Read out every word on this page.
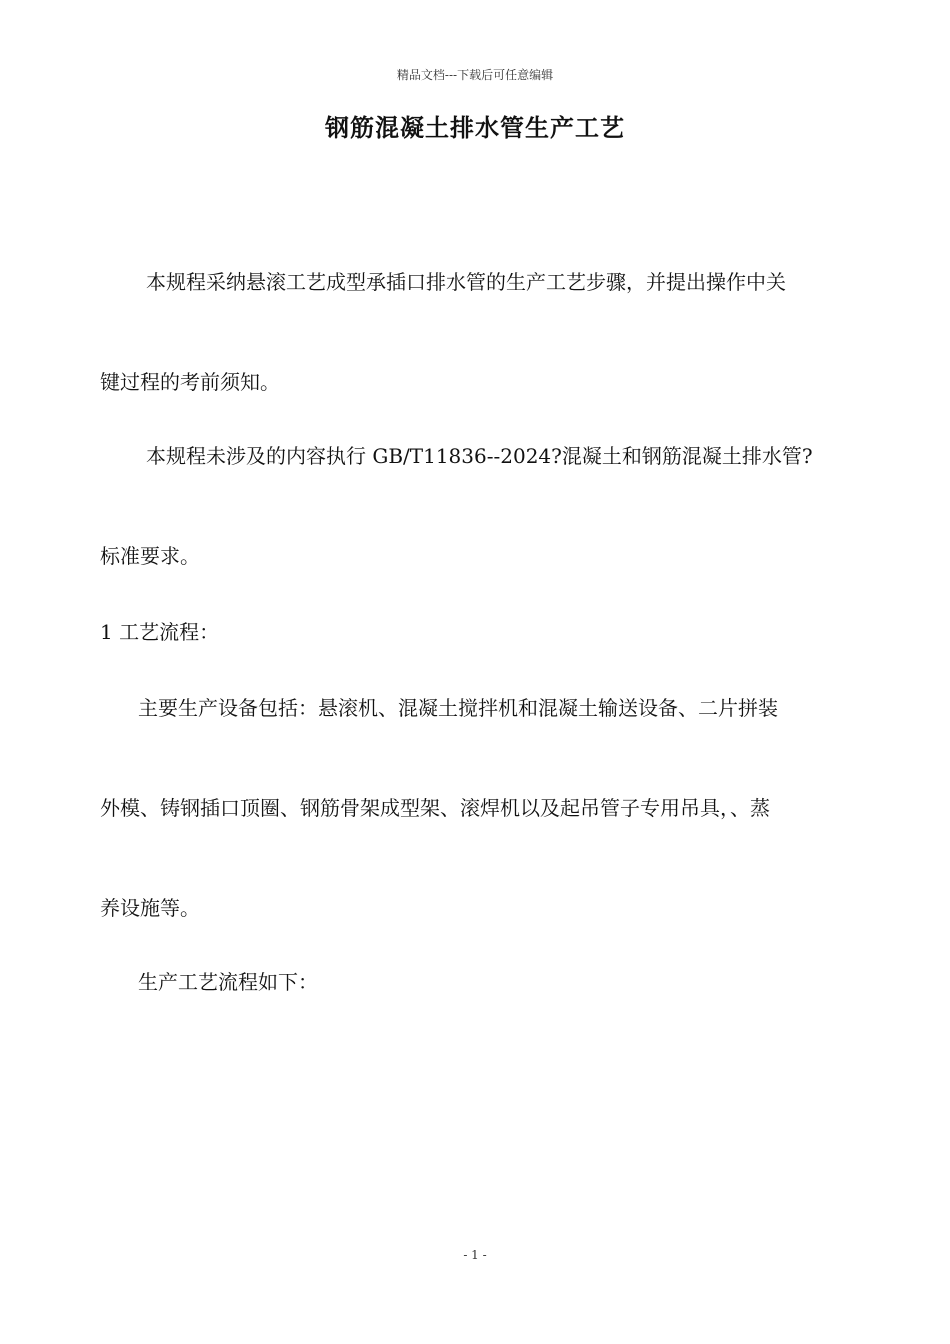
精品文档---下载后可任意编辑
钢筋混凝土排水管生产工艺
本规程采纳悬滚工艺成型承插口排水管的生产工艺步骤，并提出操作中关
键过程的考前须知。
本规程未涉及的内容执行 GB/T11836--2024?混凝土和钢筋混凝土排水管?
标准要求。
1 工艺流程：
主要生产设备包括：悬滚机、混凝土搅拌机和混凝土输送设备、二片拼装
外模、铸钢插口顶圈、钢筋骨架成型架、滚焊机以及起吊管子专用吊具，、蒸
养设施等。
生产工艺流程如下：
- 1 -
